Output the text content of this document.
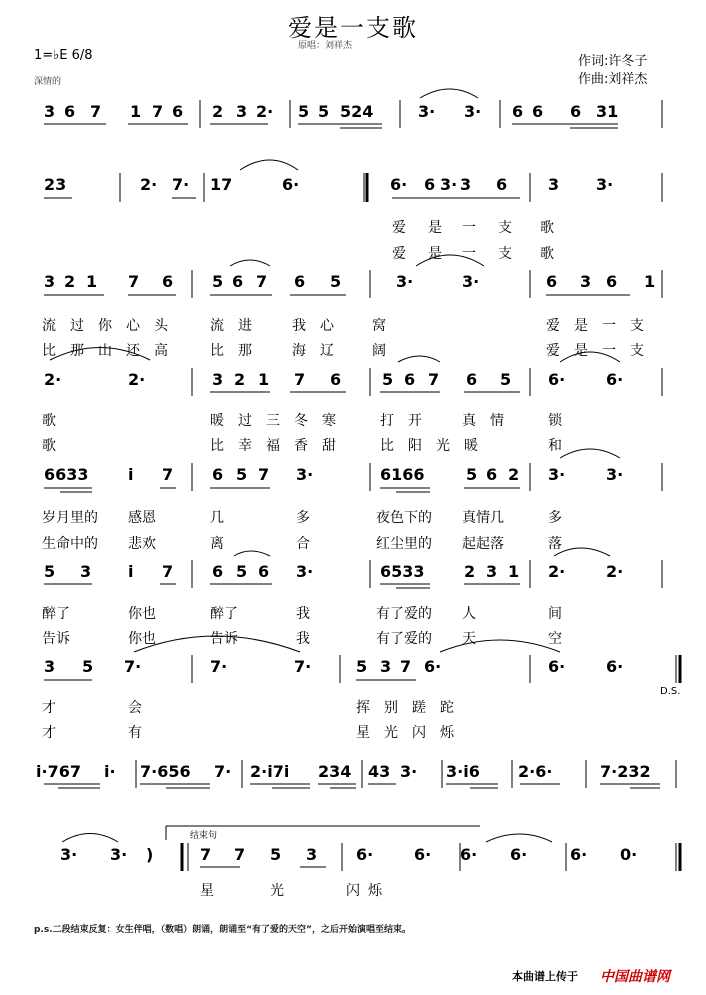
爱是一支歌
原唱：刘祥杰
1=♭E 6/8
深情的
作词:许冬子
作曲:刘祥杰
3 6 7 1 7 6 2 3 2· 5 5 524	3· 3· 6 6 6 31
23	2· 7· 17	6·	6· 6 3 6	3 3·
3·
3 2 1 7 6 5 6 7 6 5	3·	3·	6 3 6 1
2·	2·	3 2 1 7 6	5 6 7 6 5 6·	6·
6633 i 7 6 5 7 3·	6166	5 6 2 3·	3·
5 3 i 7 6 5 6 3·	6533 2 3 1 2·	2·
3 5 7·	7·	7·	5 3 7 6·	6·	6·
i·767 i· 7·656 7· 2·i7i 234 43 3· 3·i6 2·6·	7·232
3· 3· )	7 7 5 3 6·	6· 6· 6·	6· 0·
爱 是 一 支 歌
爱 是 一 支 歌
流过你心头 流进 我心 窝	爱是一支
比那山还高 比那 海辽 阔	爱是一支
歌	暖过三冬寒 打开 真情 锁
歌	比幸福香甜 比阳光暖	和
岁月里的 感恩	几	多	夜色下的 真情几	多
生命中的 悲欢	离	合	红尘里的 起起落	落
醉了	你也	醉了	我	有了爱的 人	间
告诉	你也	告诉	我	有了爱的 天	空
才	会	挥别蹉跎
才	有	星光闪烁
星	光	闪 烁
D.S.
结束句
p.s.二段结束反复：女生伴唱，（数唱）朗诵，朗诵至“有了爱的天空”，之后开始演唱至结束。
本曲谱上传于 中国曲谱网
